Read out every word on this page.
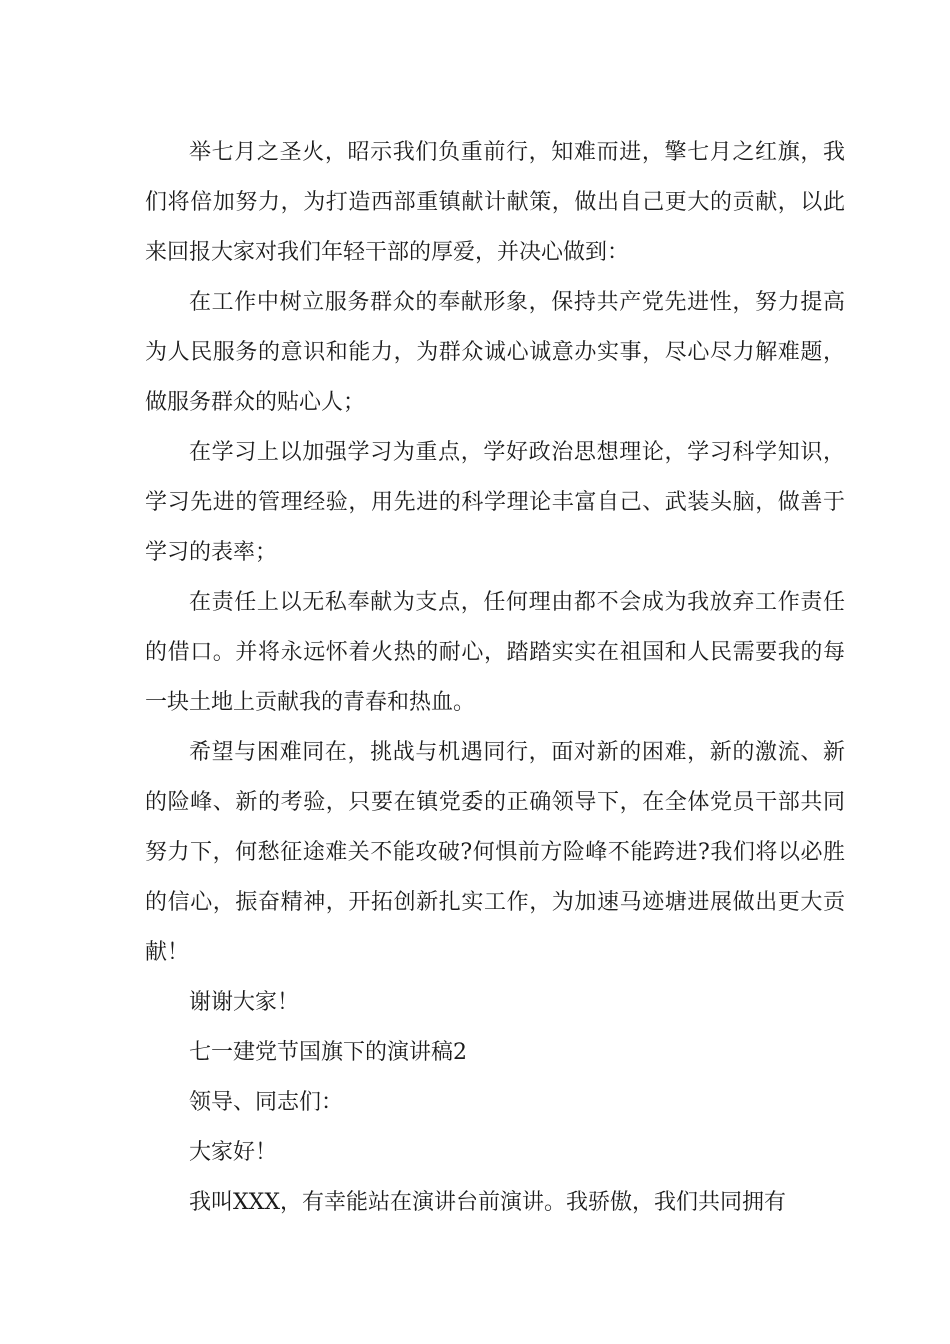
举七月之圣火，昭示我们负重前行，知难而进，擎七月之红旗，我们将倍加努力，为打造西部重镇献计献策，做出自己更大的贡献，以此来回报大家对我们年轻干部的厚爱，并决心做到：

在工作中树立服务群众的奉献形象，保持共产党先进性，努力提高为人民服务的意识和能力，为群众诚心诚意办实事，尽心尽力解难题，做服务群众的贴心人；

在学习上以加强学习为重点，学好政治思想理论，学习科学知识，学习先进的管理经验，用先进的科学理论丰富自己、武装头脑，做善于学习的表率；

在责任上以无私奉献为支点，任何理由都不会成为我放弃工作责任的借口。并将永远怀着火热的耐心，踏踏实实在祖国和人民需要我的每一块土地上贡献我的青春和热血。

希望与困难同在，挑战与机遇同行，面对新的困难，新的激流、新的险峰、新的考验，只要在镇党委的正确领导下，在全体党员干部共同努力下，何愁征途难关不能攻破?何惧前方险峰不能跨进?我们将以必胜的信心，振奋精神，开拓创新扎实工作，为加速马迹塘进展做出更大贡献！

谢谢大家！

七一建党节国旗下的演讲稿2

领导、同志们：

大家好！

我叫XXX，有幸能站在演讲台前演讲。我骄傲，我们共同拥有
